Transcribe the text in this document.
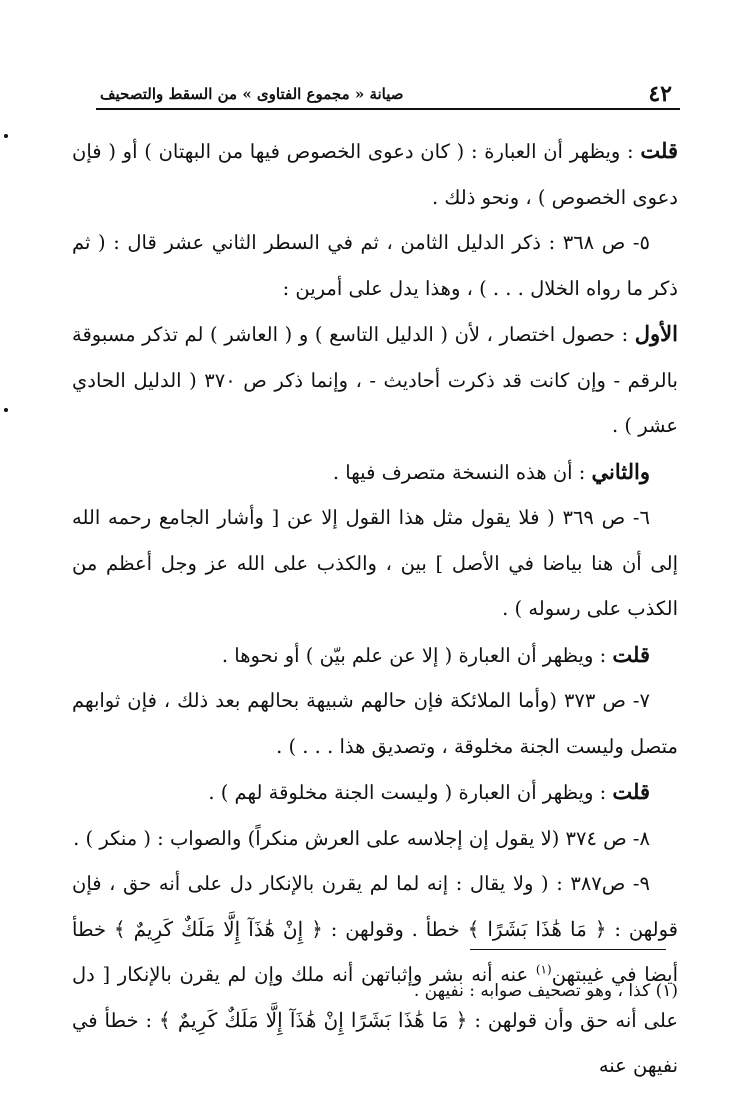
٤٢
صيانة « مجموع الفتاوى » من السقط والتصحيف

قلت : ويظهر أن العبارة : ( كان دعوى الخصوص فيها من البهتان ) أو ( فإن دعوى الخصوص ) ، ونحو ذلك .

٥- ص ٣٦٨ : ذكر الدليل الثامن ، ثم في السطر الثاني عشر قال : ( ثم ذكر ما رواه الخلال . . . ) ، وهذا يدل على أمرين :

الأول : حصول اختصار ، لأن ( الدليل التاسع ) و ( العاشر ) لم تذكر مسبوقة بالرقم - وإن كانت قد ذكرت أحاديث - ، وإنما ذكر ص ٣٧٠ ( الدليل الحادي عشر ) .

والثاني : أن هذه النسخة متصرف فيها .

٦- ص ٣٦٩ ( فلا يقول مثل هذا القول إلا عن [ وأشار الجامع رحمه الله إلى أن هنا بياضا في الأصل ] بين ، والكذب على الله عز وجل أعظم من الكذب على رسوله ) .

قلت : ويظهر أن العبارة ( إلا عن علم بيّن ) أو نحوها .

٧- ص ٣٧٣ (وأما الملائكة فإن حالهم شبيهة بحالهم بعد ذلك ، فإن ثوابهم متصل وليست الجنة مخلوقة ، وتصديق هذا . . . ) .

قلت : ويظهر أن العبارة ( وليست الجنة مخلوقة لهم ) .

٨- ص ٣٧٤ (لا يقول إن إجلاسه على العرش منكراً) والصواب : ( منكر ) .

٩- ص٣٨٧ : ( ولا يقال : إنه لما لم يقرن بالإنكار دل على أنه حق ، فإن قولهن : ﴿ مَا هَٰذَا بَشَرًا ﴾ خطأ . وقولهن : ﴿ إِنْ هَٰذَآ إِلَّا مَلَكٌ كَرِيمٌ ﴾ خطأ أيضا في غيبتهن$^{(١)}$ عنه أنه بشر وإثباتهن أنه ملك وإن لم يقرن بالإنكار [ دل على أنه حق وأن قولهن : ﴿ مَا هَٰذَا بَشَرًا إِنْ هَٰذَآ إِلَّا مَلَكٌ كَرِيمٌ ﴾ : خطأ في نفيهن عنه

(١) كذا ، وهو تصحيف صوابه : نفيهن .
